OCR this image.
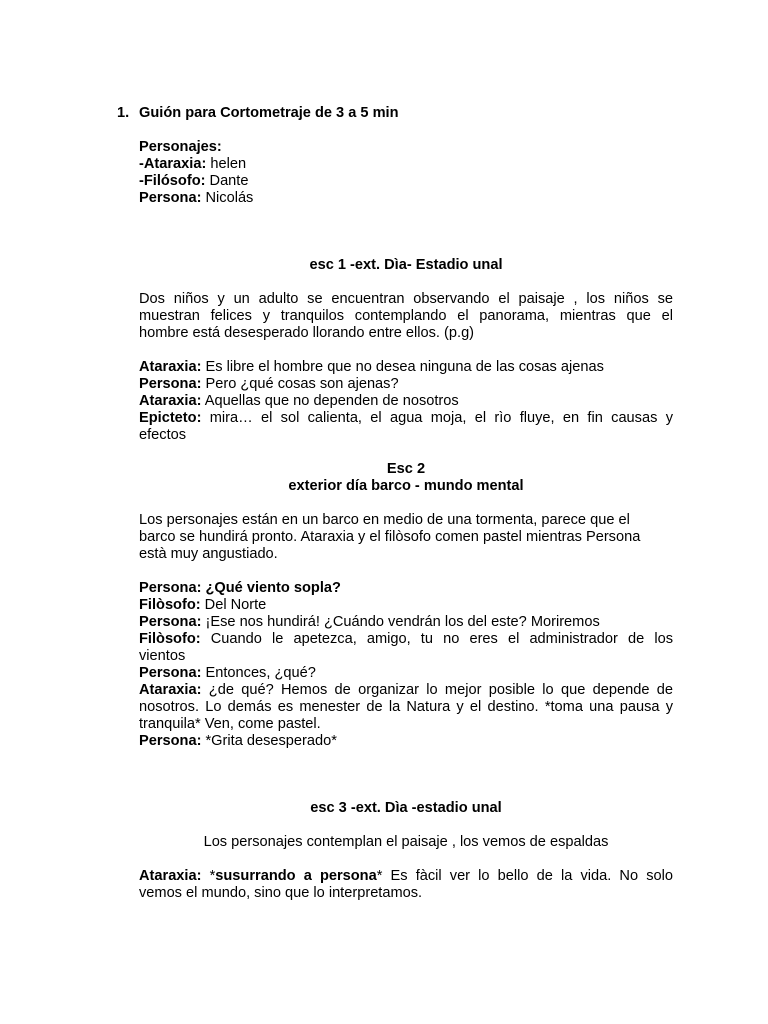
1. Guión para Cortometraje de 3 a 5 min

Personajes:

-Ataraxia: helen

-Filósofo: Dante

Persona: Nicolás

esc 1 -ext. Dìa- Estadio unal

Dos niños y un adulto se encuentran observando el paisaje , los niños se

muestran felices y tranquilos contemplando el panorama, mientras que el

hombre está desesperado llorando entre ellos. (p.g)

Ataraxia: Es libre el hombre que no desea ninguna de las cosas ajenas

Persona: Pero ¿qué cosas son ajenas?

Ataraxia: Aquellas que no dependen de nosotros

Epicteto: mira… el sol calienta, el agua moja, el rìo fluye, en fin causas y

efectos

Esc 2

exterior día barco - mundo mental

Los personajes están en un barco en medio de una tormenta, parece que el

barco se hundirá pronto. Ataraxia y el filòsofo comen pastel mientras Persona

està muy angustiado.

Persona: ¿Qué viento sopla?

Filòsofo: Del Norte

Persona: ¡Ese nos hundirá! ¿Cuándo vendrán los del este? Moriremos

Filòsofo: Cuando le apetezca, amigo, tu no eres el administrador de los

vientos

Persona: Entonces, ¿qué?

Ataraxia: ¿de qué? Hemos de organizar lo mejor posible lo que depende de

nosotros. Lo demás es menester de la Natura y el destino. *toma una pausa y

tranquila* Ven, come pastel.

Persona: *Grita desesperado*

esc 3 -ext. Dìa -estadio unal

Los personajes contemplan el paisaje , los vemos de espaldas

Ataraxia: *susurrando a persona* Es fàcil ver lo bello de la vida. No solo

vemos el mundo, sino que lo interpretamos.
